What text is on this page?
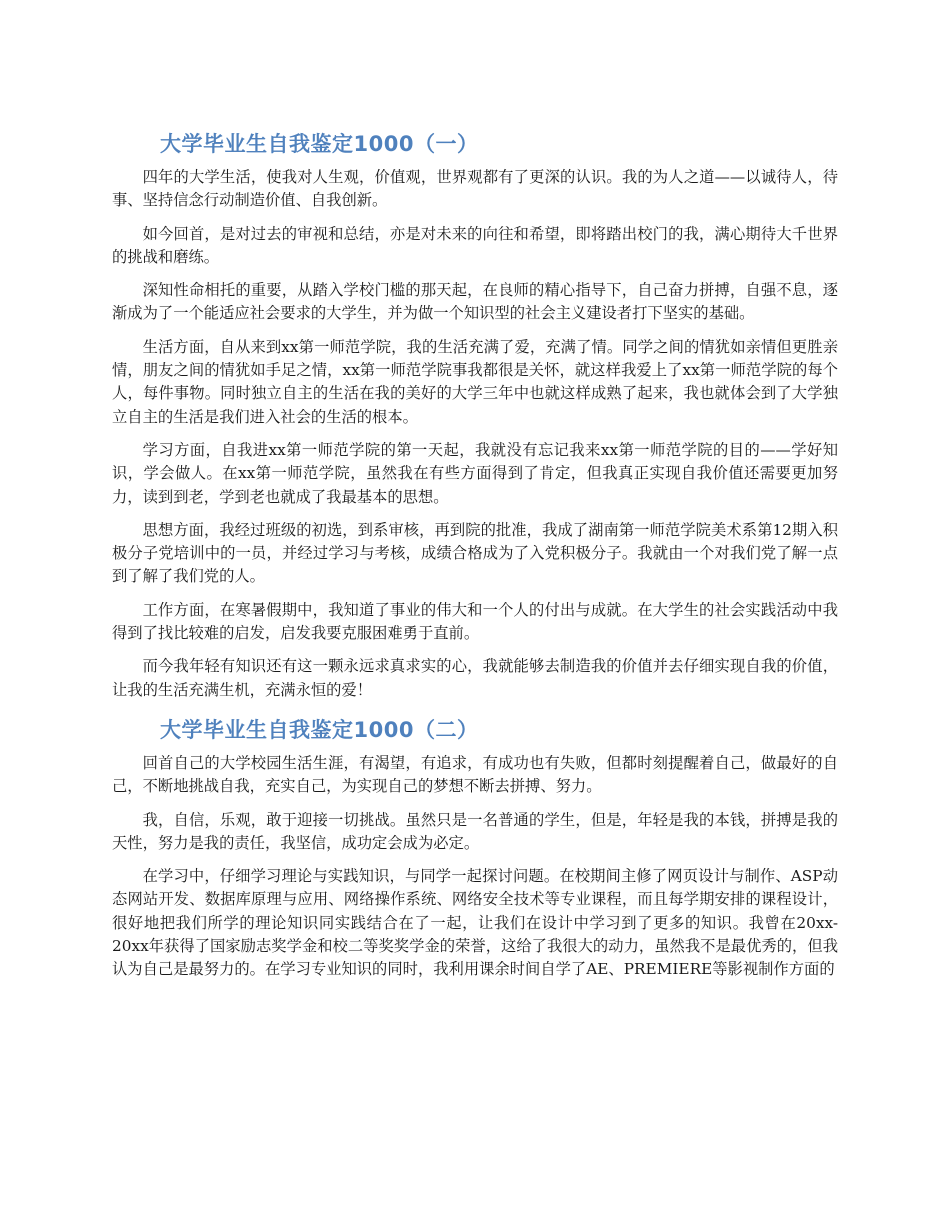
大学毕业生自我鉴定1000（一）

四年的大学生活，使我对人生观，价值观，世界观都有了更深的认识。我的为人之道——以诚待人，待事、坚持信念行动制造价值、自我创新。

如今回首，是对过去的审视和总结，亦是对未来的向往和希望，即将踏出校门的我，满心期待大千世界的挑战和磨练。

深知性命相托的重要，从踏入学校门槛的那天起，在良师的精心指导下，自己奋力拼搏，自强不息，逐渐成为了一个能适应社会要求的大学生，并为做一个知识型的社会主义建设者打下坚实的基础。

生活方面，自从来到xx第一师范学院，我的生活充满了爱，充满了情。同学之间的情犹如亲情但更胜亲情，朋友之间的情犹如手足之情，xx第一师范学院事我都很是关怀，就这样我爱上了xx第一师范学院的每个人，每件事物。同时独立自主的生活在我的美好的大学三年中也就这样成熟了起来，我也就体会到了大学独立自主的生活是我们进入社会的生活的根本。

学习方面，自我进xx第一师范学院的第一天起，我就没有忘记我来xx第一师范学院的目的——学好知识，学会做人。在xx第一师范学院，虽然我在有些方面得到了肯定，但我真正实现自我价值还需要更加努力，读到到老，学到老也就成了我最基本的思想。

思想方面，我经过班级的初选，到系审核，再到院的批准，我成了湖南第一师范学院美术系第12期入积极分子党培训中的一员，并经过学习与考核，成绩合格成为了入党积极分子。我就由一个对我们党了解一点到了解了我们党的人。

工作方面，在寒暑假期中，我知道了事业的伟大和一个人的付出与成就。在大学生的社会实践活动中我得到了找比较难的启发，启发我要克服困难勇于直前。

而今我年轻有知识还有这一颗永远求真求实的心，我就能够去制造我的价值并去仔细实现自我的价值，让我的生活充满生机，充满永恒的爱！

大学毕业生自我鉴定1000（二）

回首自己的大学校园生活生涯，有渴望，有追求，有成功也有失败，但都时刻提醒着自己，做最好的自己，不断地挑战自我，充实自己，为实现自己的梦想不断去拼搏、努力。

我，自信，乐观，敢于迎接一切挑战。虽然只是一名普通的学生，但是，年轻是我的本钱，拼搏是我的天性，努力是我的责任，我坚信，成功定会成为必定。

在学习中，仔细学习理论与实践知识，与同学一起探讨问题。在校期间主修了网页设计与制作、ASP动态网站开发、数据库原理与应用、网络操作系统、网络安全技术等专业课程，而且每学期安排的课程设计，很好地把我们所学的理论知识同实践结合在了一起，让我们在设计中学习到了更多的知识。我曾在20xx-20xx年获得了国家励志奖学金和校二等奖奖学金的荣誉，这给了我很大的动力，虽然我不是最优秀的，但我认为自己是最努力的。在学习专业知识的同时，我利用课余时间自学了AE、PREMIERE等影视制作方面的
